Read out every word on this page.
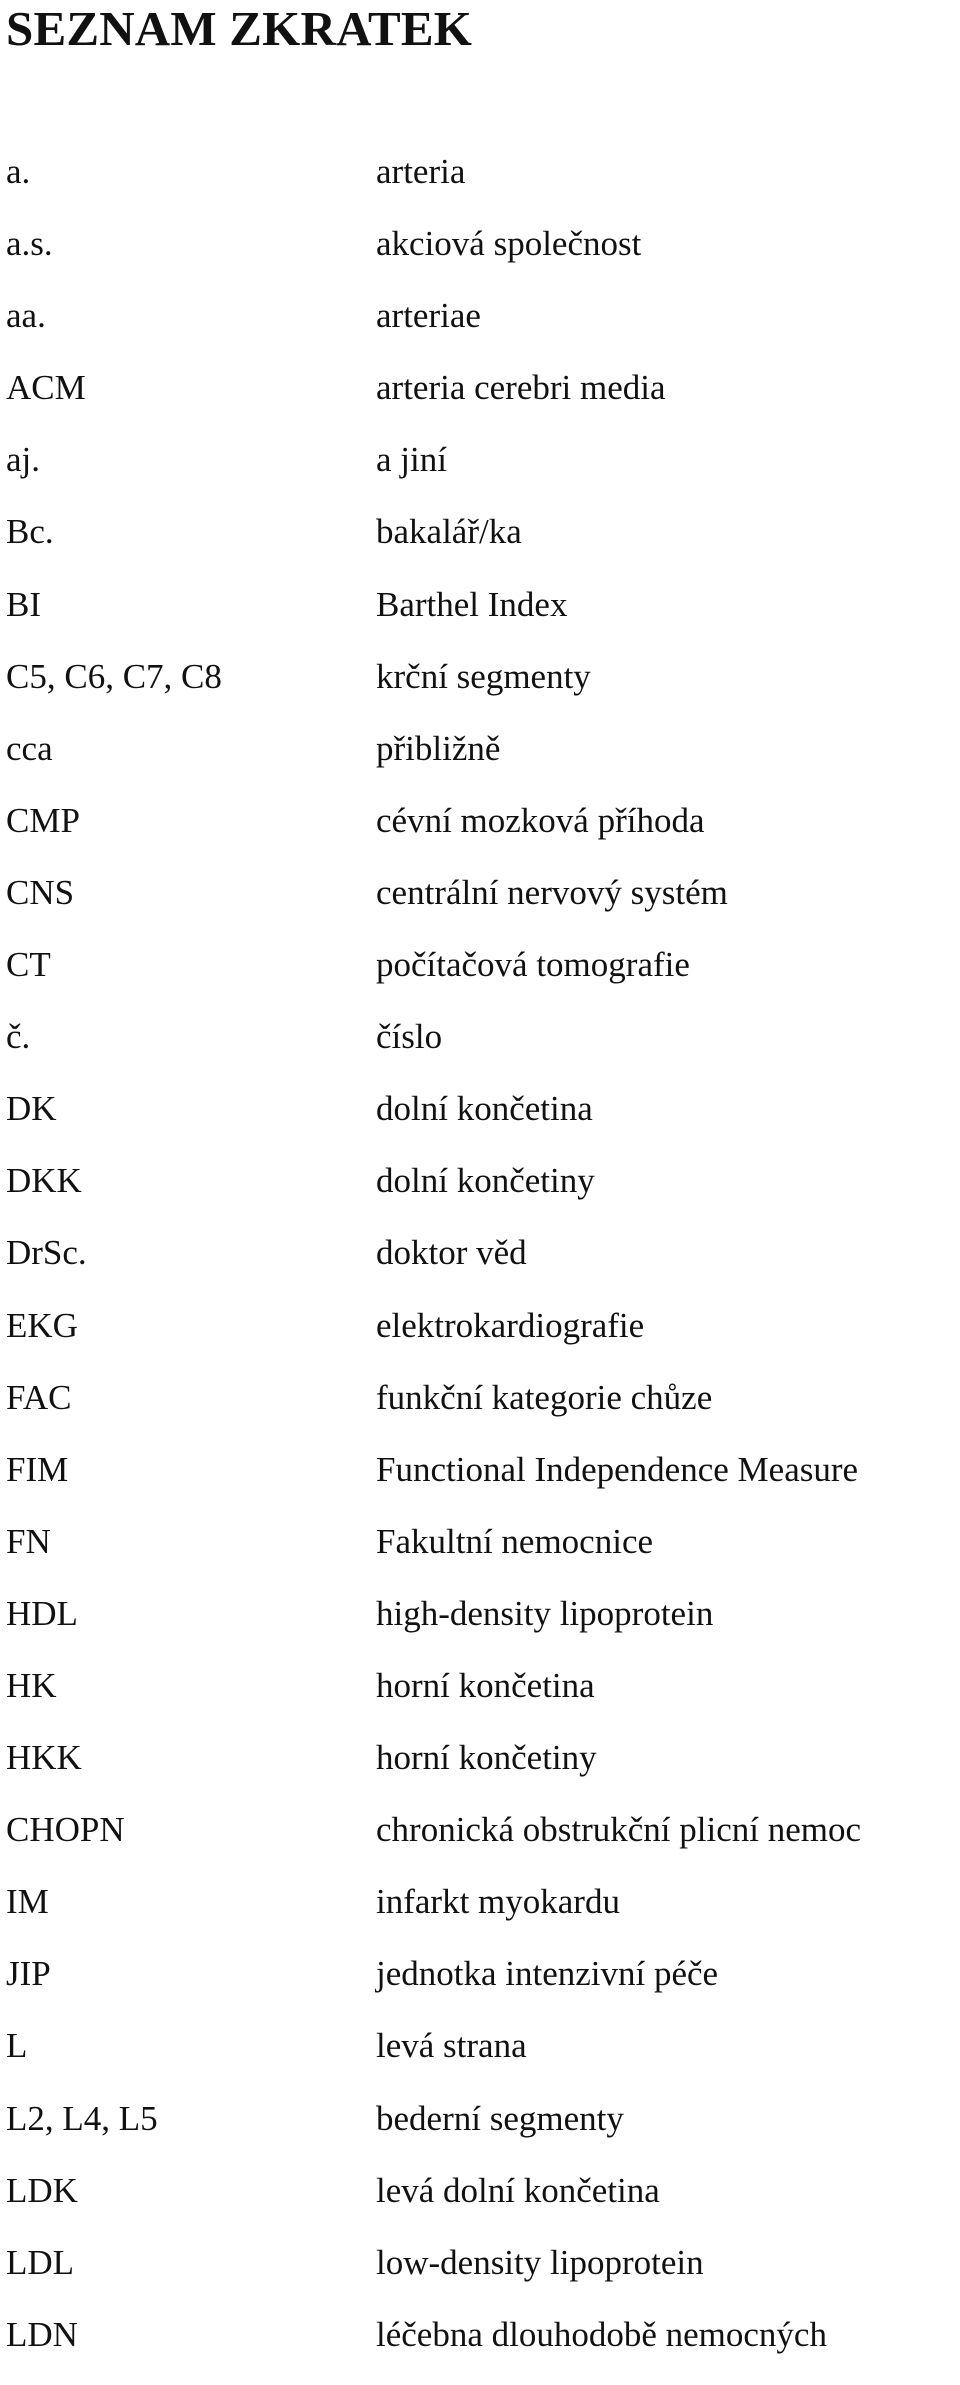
SEZNAM ZKRATEK
a.	arteria
a.s.	akciová společnost
aa.	arteriae
ACM	arteria cerebri media
aj.	a jiní
Bc.	bakalář/ka
BI	Barthel Index
C5, C6, C7, C8	krční segmenty
cca	přibližně
CMP	cévní mozková příhoda
CNS	centrální nervový systém
CT	počítačová tomografie
č.	číslo
DK	dolní končetina
DKK	dolní končetiny
DrSc.	doktor věd
EKG	elektrokardiografie
FAC	funkční kategorie chůze
FIM	Functional Independence Measure
FN	Fakultní nemocnice
HDL	high-density lipoprotein
HK	horní končetina
HKK	horní končetiny
CHOPN	chronická obstrukční plicní nemoc
IM	infarkt myokardu
JIP	jednotka intenzivní péče
L	levá strana
L2, L4, L5	bederní segmenty
LDK	levá dolní končetina
LDL	low-density lipoprotein
LDN	léčebna dlouhodobě nemocných
